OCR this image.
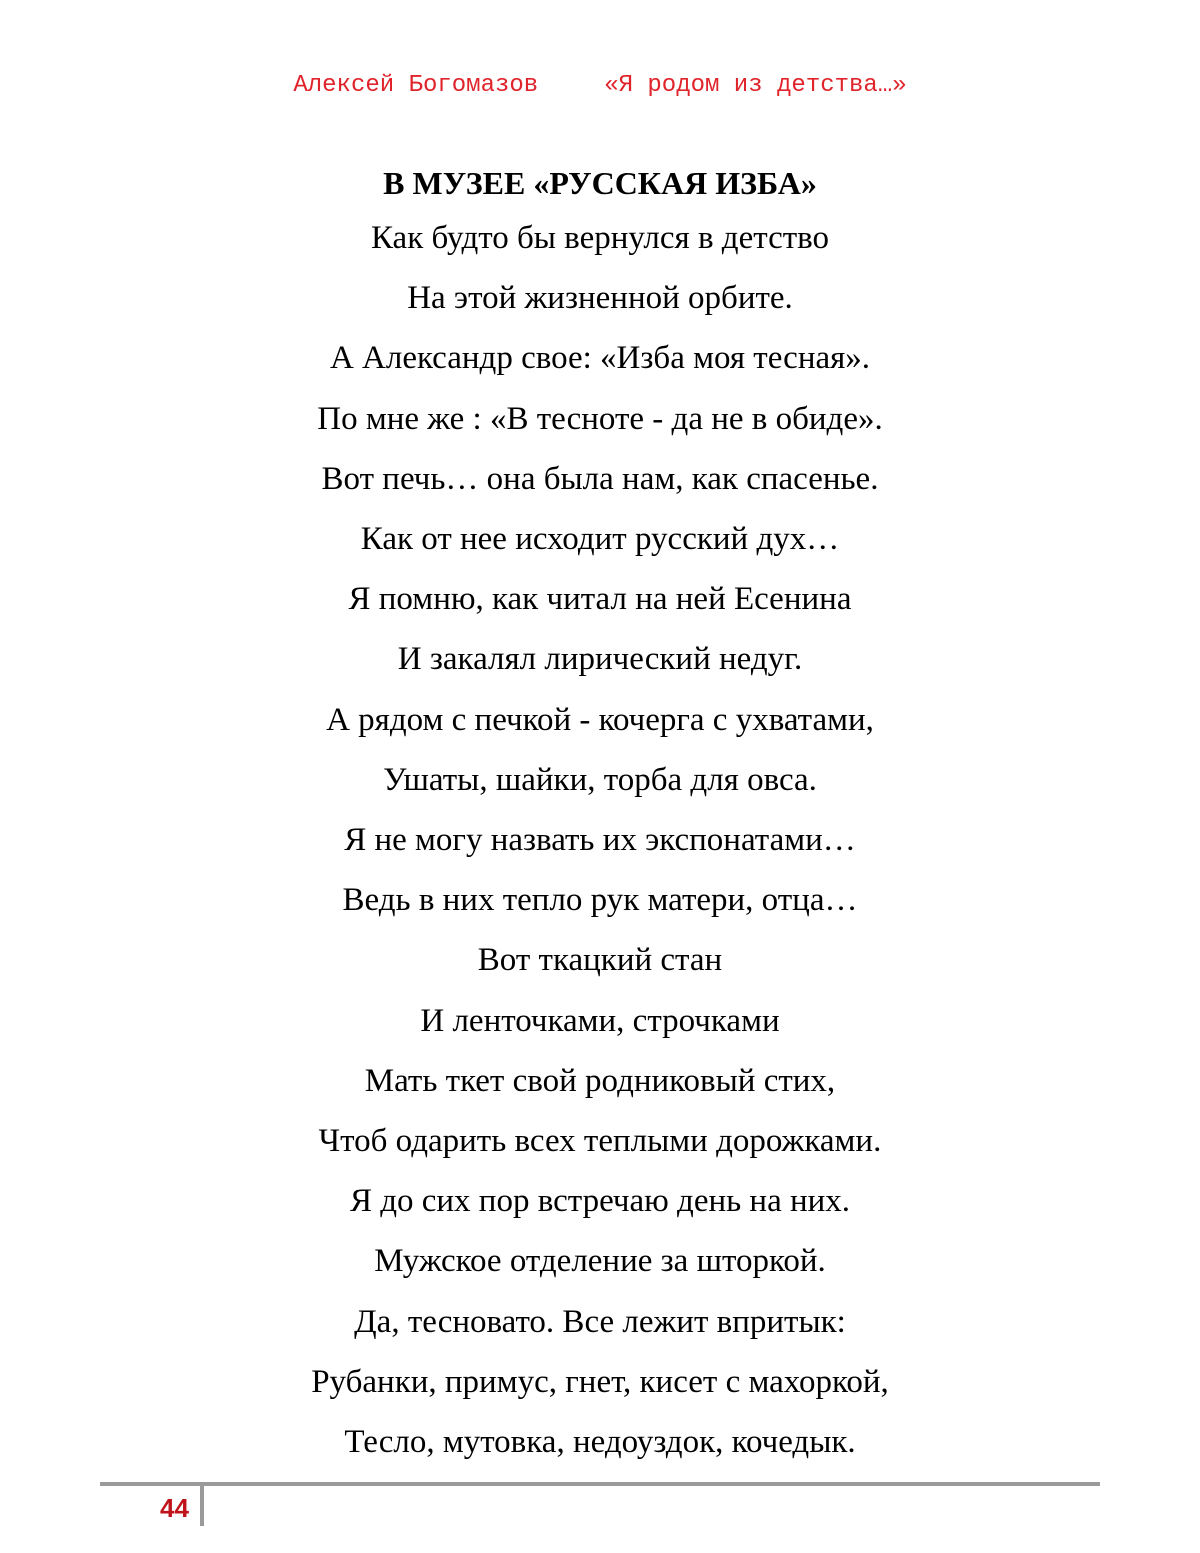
Алексей Богомазов	«Я родом из детства…»
В МУЗЕЕ «РУССКАЯ ИЗБА»
Как будто бы вернулся в детство
На этой жизненной орбите.
А Александр свое: «Изба моя тесная».
По мне же : «В тесноте - да не в обиде».
Вот печь… она была нам, как спасенье.
Как от нее исходит русский дух…
Я помню, как читал на ней Есенина
И закалял лирический недуг.
А рядом с печкой - кочерга с ухватами,
Ушаты, шайки, торба для овса.
Я не могу назвать их экспонатами…
Ведь в них тепло рук матери, отца…
Вот ткацкий стан
И ленточками, строчками
Мать ткет свой родниковый стих,
Чтоб одарить всех теплыми дорожками.
Я до сих пор встречаю день на них.
Мужское отделение за шторкой.
Да, тесновато. Все лежит впритык:
Рубанки, примус, гнет, кисет с махоркой,
Тесло, мутовка, недоуздок, кочедык.
44
